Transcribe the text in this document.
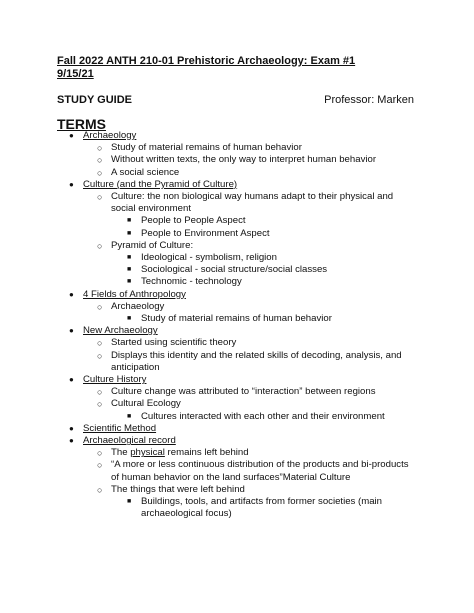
Fall 2022 ANTH 210-01 Prehistoric Archaeology: Exam #1
9/15/21
STUDY GUIDE	Professor: Marken
TERMS
● Archaeology
○ Study of material remains of human behavior
○ Without written texts, the only way to interpret human behavior
○ A social science
● Culture (and the Pyramid of Culture)
○ Culture: the non biological way humans adapt to their physical and social environment
■ People to People Aspect
■ People to Environment Aspect
○ Pyramid of Culture:
■ Ideological - symbolism, religion
■ Sociological - social structure/social classes
■ Technomic - technology
● 4 Fields of Anthropology
○ Archaeology
■ Study of material remains of human behavior
● New Archaeology
○ Started using scientific theory
○ Displays this identity and the related skills of decoding, analysis, and anticipation
● Culture History
○ Culture change was attributed to “interaction” between regions
○ Cultural Ecology
■ Cultures interacted with each other and their environment
● Scientific Method
● Archaeological record
○ The physical remains left behind
○ “A more or less continuous distribution of the products and bi-products of human behavior on the land surfaces”Material Culture
○ The things that were left behind
■ Buildings, tools, and artifacts from former societies (main archaeological focus)
